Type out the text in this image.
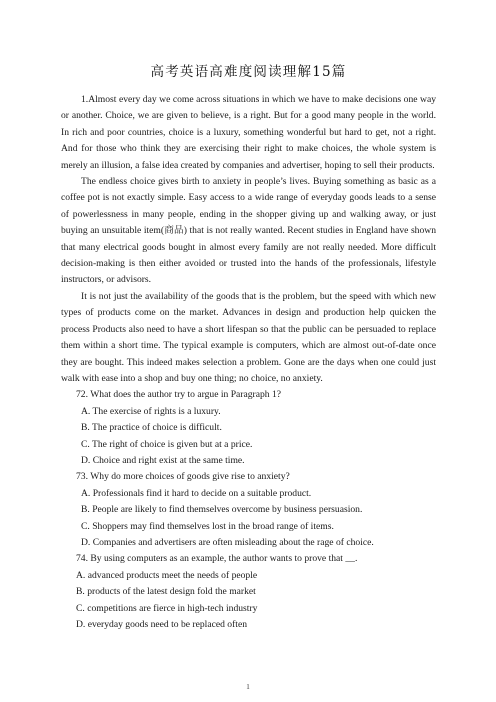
高考英语高难度阅读理解15篇

1.Almost every day we come across situations in which we have to make decisions one way or another. Choice, we are given to believe, is a right. But for a good many people in the world. In rich and poor countries, choice is a luxury, something wonderful but hard to get, not a right. And for those who think they are exercising their right to make choices, the whole system is merely an illusion, a false idea created by companies and advertiser, hoping to sell their products.

The endless choice gives birth to anxiety in people’s lives. Buying something as basic as a coffee pot is not exactly simple. Easy access to a wide range of everyday goods leads to a sense of powerlessness in many people, ending in the shopper giving up and walking away, or just buying an unsuitable item(商品) that is not really wanted. Recent studies in England have shown that many electrical goods bought in almost every family are not really needed. More difficult decision-making is then either avoided or trusted into the hands of the professionals, lifestyle instructors, or advisors.

It is not just the availability of the goods that is the problem, but the speed with which new types of products come on the market. Advances in design and production help quicken the process Products also need to have a short lifespan so that the public can be persuaded to replace them within a short time. The typical example is computers, which are almost out-of-date once they are bought. This indeed makes selection a problem. Gone are the days when one could just walk with ease into a shop and buy one thing; no choice, no anxiety.

72. What does the author try to argue in Paragraph 1?

A. The exercise of rights is a luxury.

B. The practice of choice is difficult.

C. The right of choice is given but at a price.

D. Choice and right exist at the same time.

73. Why do more choices of goods give rise to anxiety?

A. Professionals find it hard to decide on a suitable product.

B. People are likely to find themselves overcome by business persuasion.

C. Shoppers may find themselves lost in the broad range of items.

D. Companies and advertisers are often misleading about the rage of choice.

74. By using computers as an example, the author wants to prove that __.

A. advanced products meet the needs of people

B. products of the latest design fold the market

C. competitions are fierce in high-tech industry

D. everyday goods need to be replaced often

1
